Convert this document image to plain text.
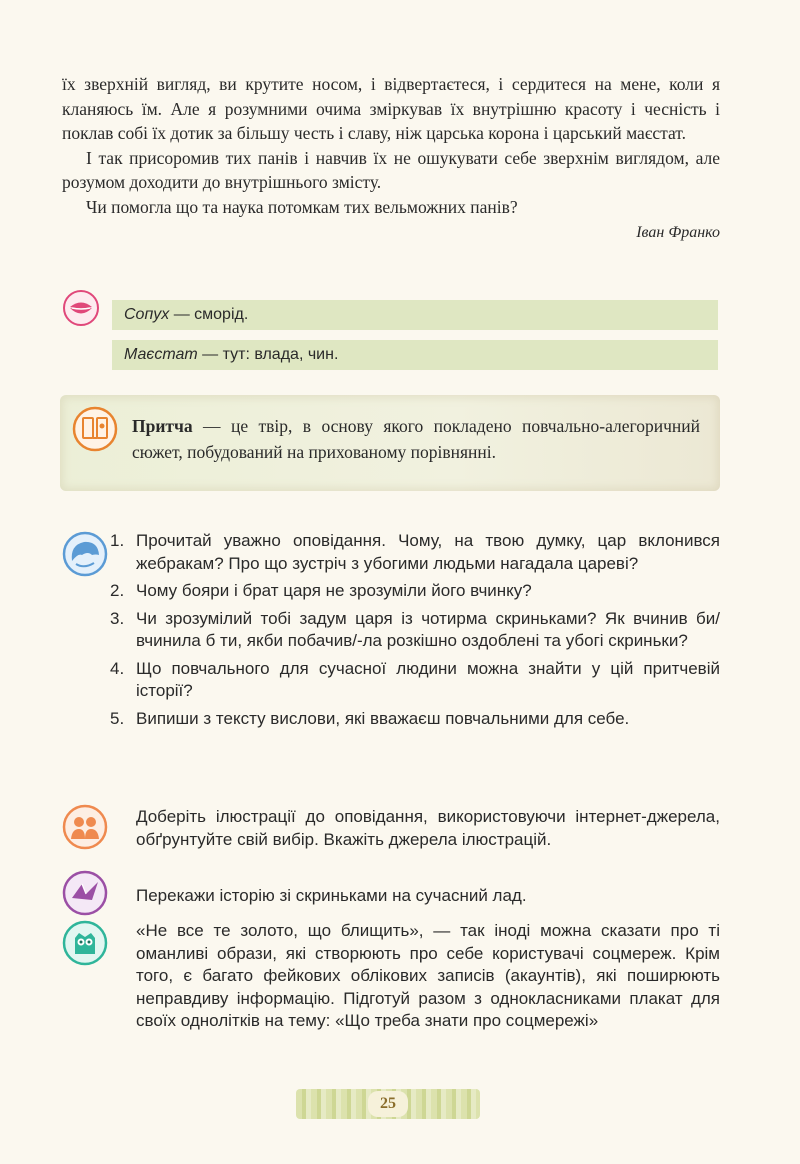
їх зверхній вигляд, ви крутите носом, і відвертаєтеся, і сердитеся на мене, коли я кланяюсь їм. Але я розумними очима зміркував їх внутрішню красоту і чесність і поклав собі їх дотик за більшу честь і славу, ніж царська корона і царський маєстат.

І так присоромив тих панів і навчив їх не ошукувати себе зверхнім виглядом, але розумом доходити до внутрішнього змісту.

Чи помогла що та наука потомкам тих вельможних панів?

Іван Франко
Сопух — сморід.
Маєстат — тут: влада, чин.
Притча — це твір, в основу якого покладено повчально-алегоричний сюжет, побудований на прихованому порівнянні.
1. Прочитай уважно оповідання. Чому, на твою думку, цар вклонився жебракам? Про що зустріч з убогими людьми нагадала цареві?
2. Чому бояри і брат царя не зрозуміли його вчинку?
3. Чи зрозумілий тобі задум царя із чотирма скриньками? Як вчинив би/ вчинила б ти, якби побачив/-ла розкішно оздоблені та убогі скриньки?
4. Що повчального для сучасної людини можна знайти у цій притчевій історії?
5. Випиши з тексту вислови, які вважаєш повчальними для себе.
Доберіть ілюстрації до оповідання, використовуючи інтернет-джерела, обґрунтуйте свій вибір. Вкажіть джерела ілюстрацій.
Перекажи історію зі скриньками на сучасний лад.
«Не все те золото, що блищить», — так іноді можна сказати про ті оманливі образи, які створюють про себе користувачі соцмереж. Крім того, є багато фейкових облікових записів (акаунтів), які поширюють неправдиву інформацію. Підготуй разом з однокласниками плакат для своїх однолітків на тему: «Що треба знати про соцмережі»
25
